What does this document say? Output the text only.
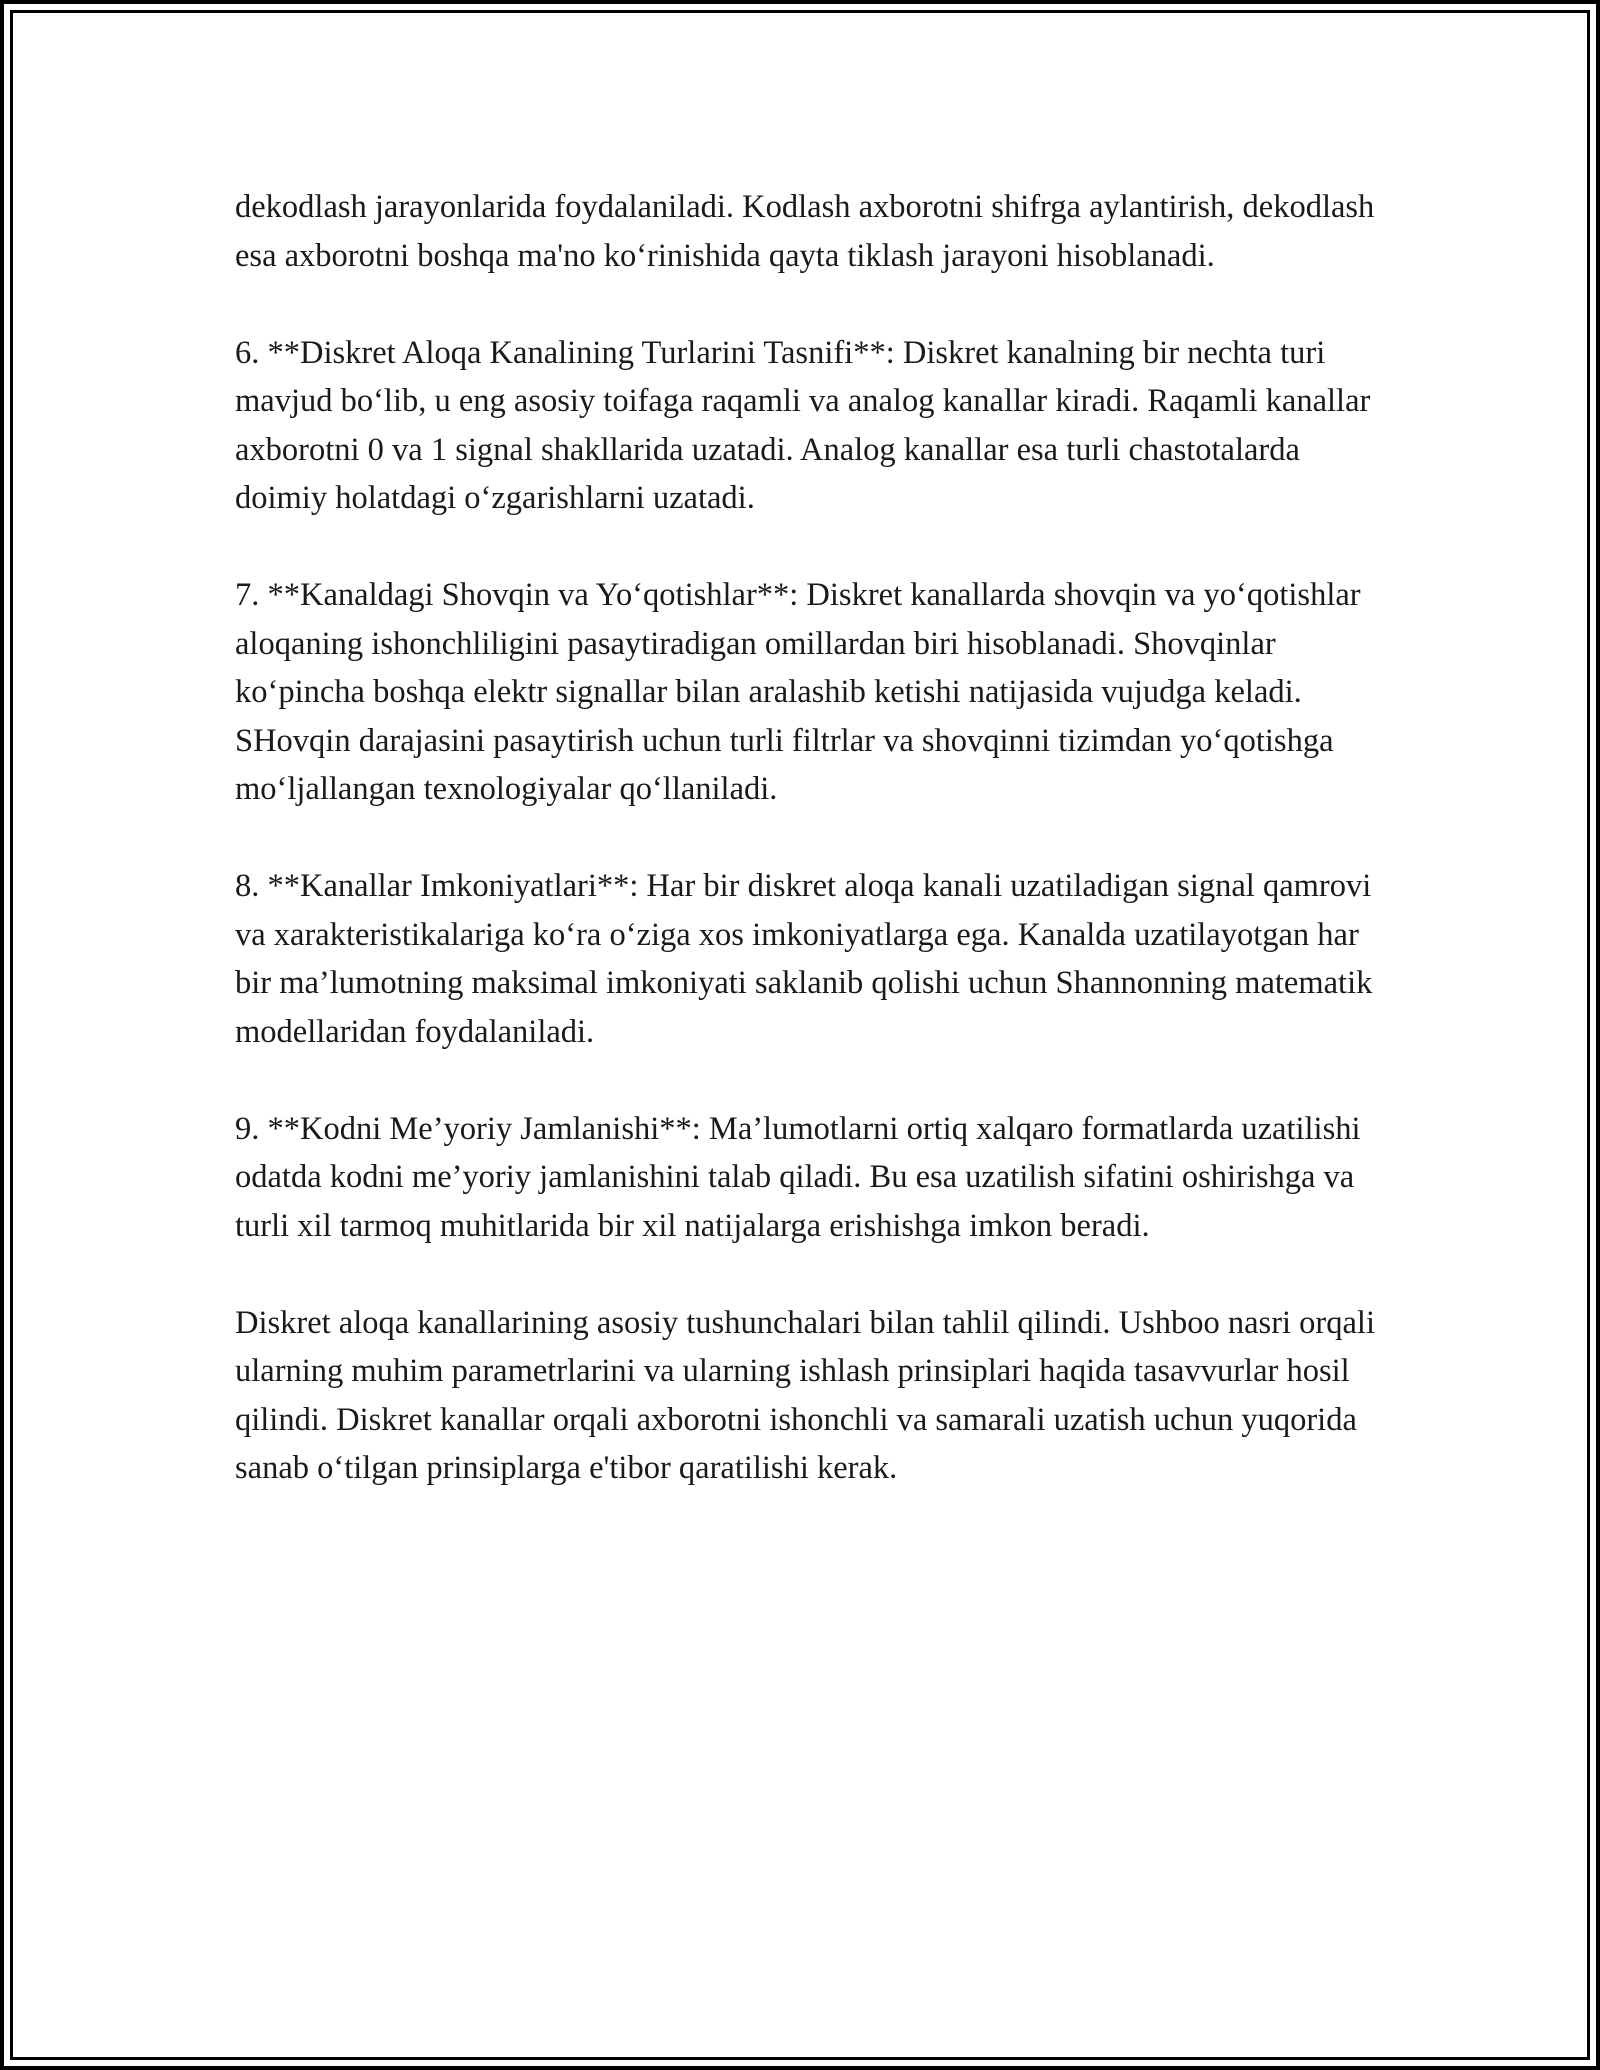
dekodlash jarayonlarida foydalaniladi. Kodlash axborotni shifrga aylantirish, dekodlash esa axborotni boshqa ma'no ko‘rinishida qayta tiklash jarayoni hisoblanadi.

6. **Diskret Aloqa Kanalining Turlarini Tasnifi**: Diskret kanalning bir nechta turi mavjud bo‘lib, u eng asosiy toifaga raqamli va analog kanallar kiradi. Raqamli kanallar axborotni 0 va 1 signal shakllarida uzatadi. Analog kanallar esa turli chastotalarda doimiy holatdagi o‘zgarishlarni uzatadi.

7. **Kanaldagi Shovqin va Yo‘qotishlar**: Diskret kanallarda shovqin va yo‘qotishlar aloqaning ishonchliligini pasaytiradigan omillardan biri hisoblanadi. Shovqinlar ko‘pincha boshqa elektr signallar bilan aralashib ketishi natijasida vujudga keladi. SHovqin darajasini pasaytirish uchun turli filtrlar va shovqinni tizimdan yo‘qotishga mo‘ljallangan texnologiyalar qo‘llaniladi.

8. **Kanallar Imkoniyatlari**: Har bir diskret aloqa kanali uzatiladigan signal qamrovi va xarakteristikalariga ko‘ra o‘ziga xos imkoniyatlarga ega. Kanalda uzatilayotgan har bir ma’lumotning maksimal imkoniyati saklanib qolishi uchun Shannonning matematik modellaridan foydalaniladi.

9. **Kodni Me’yoriy Jamlanishi**: Ma’lumotlarni ortiq xalqaro formatlarda uzatilishi odatda kodni me’yoriy jamlanishini talab qiladi. Bu esa uzatilish sifatini oshirishga va turli xil tarmoq muhitlarida bir xil natijalarga erishishga imkon beradi.

Diskret aloqa kanallarining asosiy tushunchalari bilan tahlil qilindi. Ushboo nasri orqali ularning muhim parametrlarini va ularning ishlash prinsiplari haqida tasavvurlar hosil qilindi. Diskret kanallar orqali axborotni ishonchli va samarali uzatish uchun yuqorida sanab o‘tilgan prinsiplarga e'tibor qaratilishi kerak.
